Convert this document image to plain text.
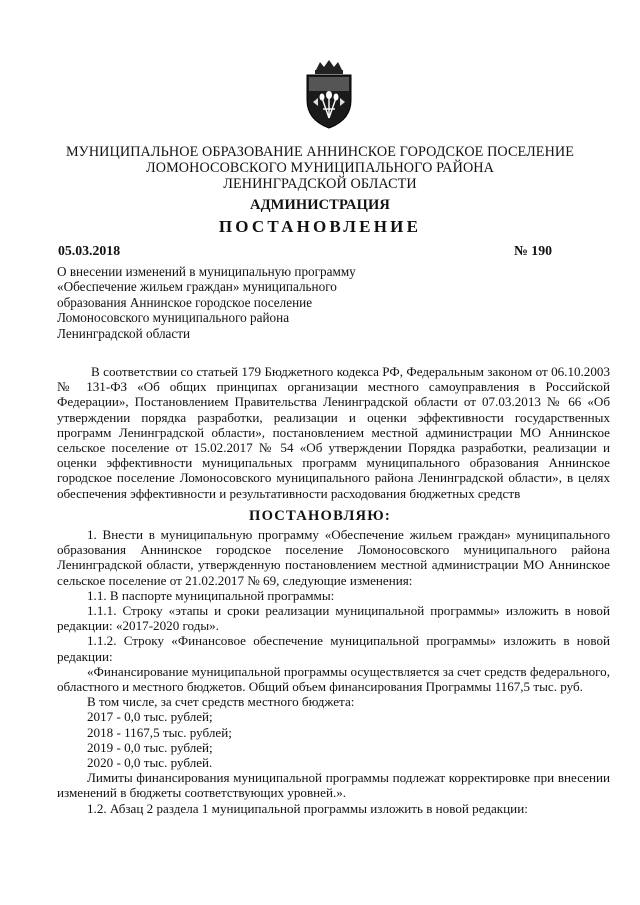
МУНИЦИПАЛЬНОЕ ОБРАЗОВАНИЕ АННИНСКОЕ ГОРОДСКОЕ ПОСЕЛЕНИЕ
ЛОМОНОСОВСКОГО МУНИЦИПАЛЬНОГО РАЙОНА
ЛЕНИНГРАДСКОЙ ОБЛАСТИ
АДМИНИСТРАЦИЯ
ПОСТАНОВЛЕНИЕ
05.03.2018	№ 190
О внесении изменений в муниципальную программу
«Обеспечение жильем граждан» муниципального
образования Аннинское городское поселение
Ломоносовского муниципального района
Ленинградской области
В соответствии со статьей 179 Бюджетного кодекса РФ, Федеральным законом от 06.10.2003 № 131-ФЗ «Об общих принципах организации местного самоуправления в Российской Федерации», Постановлением Правительства Ленинградской области от 07.03.2013 № 66 «Об утверждении порядка разработки, реализации и оценки эффективности государственных программ Ленинградской области», постановлением местной администрации МО Аннинское сельское поселение от 15.02.2017 № 54 «Об утверждении Порядка разработки, реализации и оценки эффективности муниципальных программ муниципального образования Аннинское городское поселение Ломоносовского муниципального района Ленинградской области», в целях обеспечения эффективности и результативности расходования бюджетных средств
ПОСТАНОВЛЯЮ:

1. Внести в муниципальную программу «Обеспечение жильем граждан» муниципального образования Аннинское городское поселение Ломоносовского муниципального района Ленинградской области, утвержденную постановлением местной администрации МО Аннинское сельское поселение от 21.02.2017 № 69, следующие изменения:

1.1. В паспорте муниципальной программы:

1.1.1. Строку «этапы и сроки реализации муниципальной программы» изложить в новой редакции: «2017-2020 годы».

1.1.2. Строку «Финансовое обеспечение муниципальной программы» изложить в новой редакции:

«Финансирование муниципальной программы осуществляется за счет средств федерального, областного и местного бюджетов. Общий объем финансирования Программы 1167,5 тыс. руб.

В том числе, за счет средств местного бюджета:

2017 - 0,0 тыс. рублей;

2018 - 1167,5 тыс. рублей;

2019 - 0,0 тыс. рублей;

2020 - 0,0 тыс. рублей.

Лимиты финансирования муниципальной программы подлежат корректировке при внесении изменений в бюджеты соответствующих уровней.».

1.2. Абзац 2 раздела 1 муниципальной программы изложить в новой редакции:
